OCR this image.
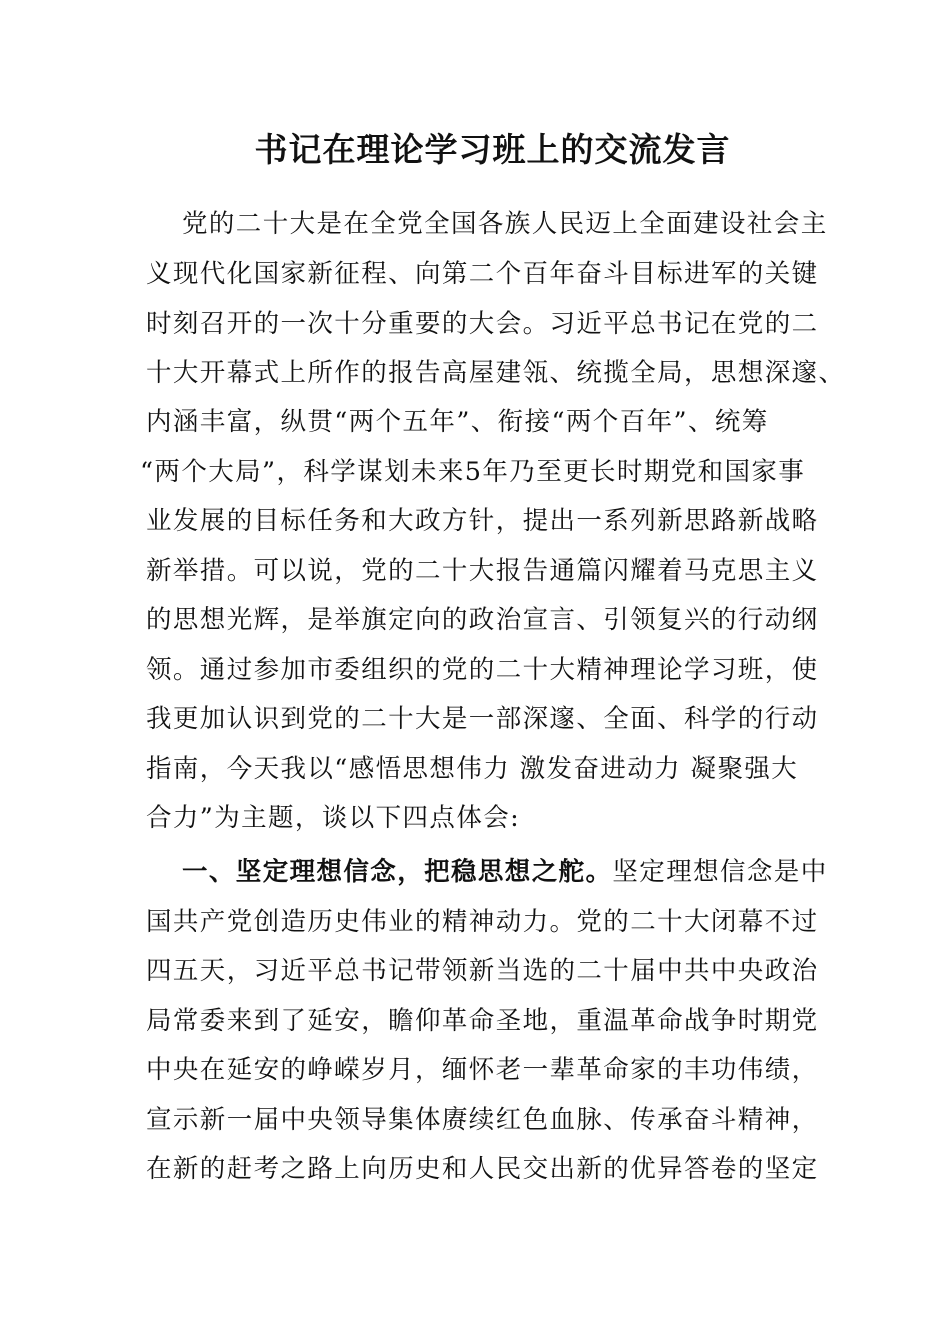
书记在理论学习班上的交流发言
党的二十大是在全党全国各族人民迈上全面建设社会主
义现代化国家新征程、向第二个百年奋斗目标进军的关键
时刻召开的一次十分重要的大会。习近平总书记在党的二
十大开幕式上所作的报告高屋建瓴、统揽全局，思想深邃、
内涵丰富，纵贯“两个五年”、衔接“两个百年”、统筹
“两个大局”，科学谋划未来5年乃至更长时期党和国家事
业发展的目标任务和大政方针，提出一系列新思路新战略
新举措。可以说，党的二十大报告通篇闪耀着马克思主义
的思想光辉，是举旗定向的政治宣言、引领复兴的行动纲
领。通过参加市委组织的党的二十大精神理论学习班，使
我更加认识到党的二十大是一部深邃、全面、科学的行动
指南，今天我以“感悟思想伟力 激发奋进动力 凝聚强大
合力”为主题，谈以下四点体会:
一、坚定理想信念，把稳思想之舵。坚定理想信念是中
国共产党创造历史伟业的精神动力。党的二十大闭幕不过
四五天，习近平总书记带领新当选的二十届中共中央政治
局常委来到了延安，瞻仰革命圣地，重温革命战争时期党
中央在延安的峥嵘岁月，缅怀老一辈革命家的丰功伟绩，
宣示新一届中央领导集体赓续红色血脉、传承奋斗精神，
在新的赶考之路上向历史和人民交出新的优异答卷的坚定
